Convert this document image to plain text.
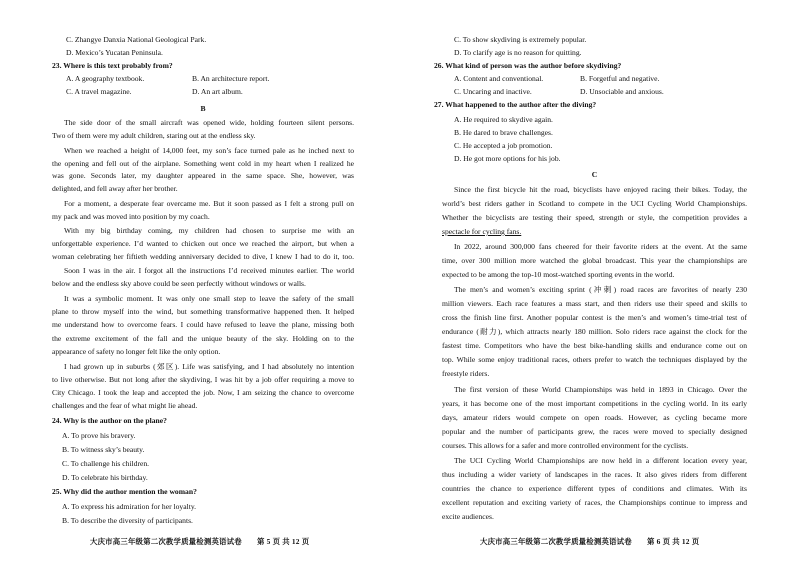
C. Zhangye Danxia National Geological Park.
D. Mexico’s Yucatan Peninsula.
23. Where is this text probably from?
A. A geography textbook.	B. An architecture report.
C. A travel magazine.	D. An art album.
B
The side door of the small aircraft was opened wide, holding fourteen silent persons.
Two of them were my adult children, staring out at the endless sky.
When we reached a height of 14,000 feet, my son’s face turned pale as he inched next to
the opening and fell out of the airplane. Something went cold in my heart when I realized he
was gone. Seconds later, my daughter appeared in the same space. She, however, was
delighted, and fell away after her brother.
For a moment, a desperate fear overcame me. But it soon passed as I felt a strong pull on
my pack and was moved into position by my coach.
With my big birthday coming, my children had chosen to surprise me with an
unforgettable experience. I’d wanted to chicken out once we reached the airport, but when a
woman celebrating her fiftieth wedding anniversary decided to dive, I knew I had to do it, too.
Soon I was in the air. I forgot all the instructions I’d received minutes earlier. The world
below and the endless sky above could be seen perfectly without windows or walls.
It was a symbolic moment. It was only one small step to leave the safety of the small
plane to throw myself into the wind, but something transformative happened then. It helped
me understand how to overcome fears. I could have refused to leave the plane, missing both
the extreme excitement of the fall and the unique beauty of the sky. Holding on to the
appearance of safety no longer felt like the only option.
I had grown up in suburbs (郊区). Life was satisfying, and I had absolutely no intention
to live otherwise. But not long after the skydiving, I was hit by a job offer requiring a move to
City Chicago. I took the leap and accepted the job. Now, I am seizing the chance to overcome
challenges and the fear of what might lie ahead.
24. Why is the author on the plane?
A. To prove his bravery.
B. To witness sky’s beauty.
C. To challenge his children.
D. To celebrate his birthday.
25. Why did the author mention the woman?
A. To express his admiration for her loyalty.
B. To describe the diversity of participants.
大庆市高三年级第二次教学质量检测英语试卷　　第 5 页 共 12 页
C. To show skydiving is extremely popular.
D. To clarify age is no reason for quitting.
26. What kind of person was the author before skydiving?
A. Content and conventional.	B. Forgetful and negative.
C. Uncaring and inactive.	D. Unsociable and anxious.
27. What happened to the author after the diving?
A. He required to skydive again.
B. He dared to brave challenges.
C. He accepted a job promotion.
D. He got more options for his job.
C
Since the first bicycle hit the road, bicyclists have enjoyed racing their bikes. Today, the
world’s best riders gather in Scotland to compete in the UCI Cycling World Championships.
Whether the bicyclists are testing their speed, strength or style, the competition provides a
spectacle for cycling fans.
In 2022, around 300,000 fans cheered for their favorite riders at the event. At the same
time, over 300 million more watched the global broadcast. This year the championships are
expected to be among the top-10 most-watched sporting events in the world.
The men’s and women’s exciting sprint (冲刺) road races are favorites of nearly 230
million viewers. Each race features a mass start, and then riders use their speed and skills to
cross the finish line first. Another popular contest is the men’s and women’s time-trial test of
endurance (耐力), which attracts nearly 180 million. Solo riders race against the clock for the
fastest time. Competitors who have the best bike-handling skills and endurance come out on
top. While some enjoy traditional races, others prefer to watch the techniques displayed by the
freestyle riders.
The first version of these World Championships was held in 1893 in Chicago. Over the
years, it has become one of the most important competitions in the cycling world. In its early
days, amateur riders would compete on open roads. However, as cycling became more
popular and the number of participants grew, the races were moved to specially designed
courses. This allows for a safer and more controlled environment for the cyclists.
The UCI Cycling World Championships are now held in a different location every year,
thus including a wider variety of landscapes in the races. It also gives riders from different
countries the chance to experience different types of conditions and climates. With its
excellent reputation and exciting variety of races, the Championships continue to impress and
excite audiences.
大庆市高三年级第二次教学质量检测英语试卷　　第 6 页 共 12 页
